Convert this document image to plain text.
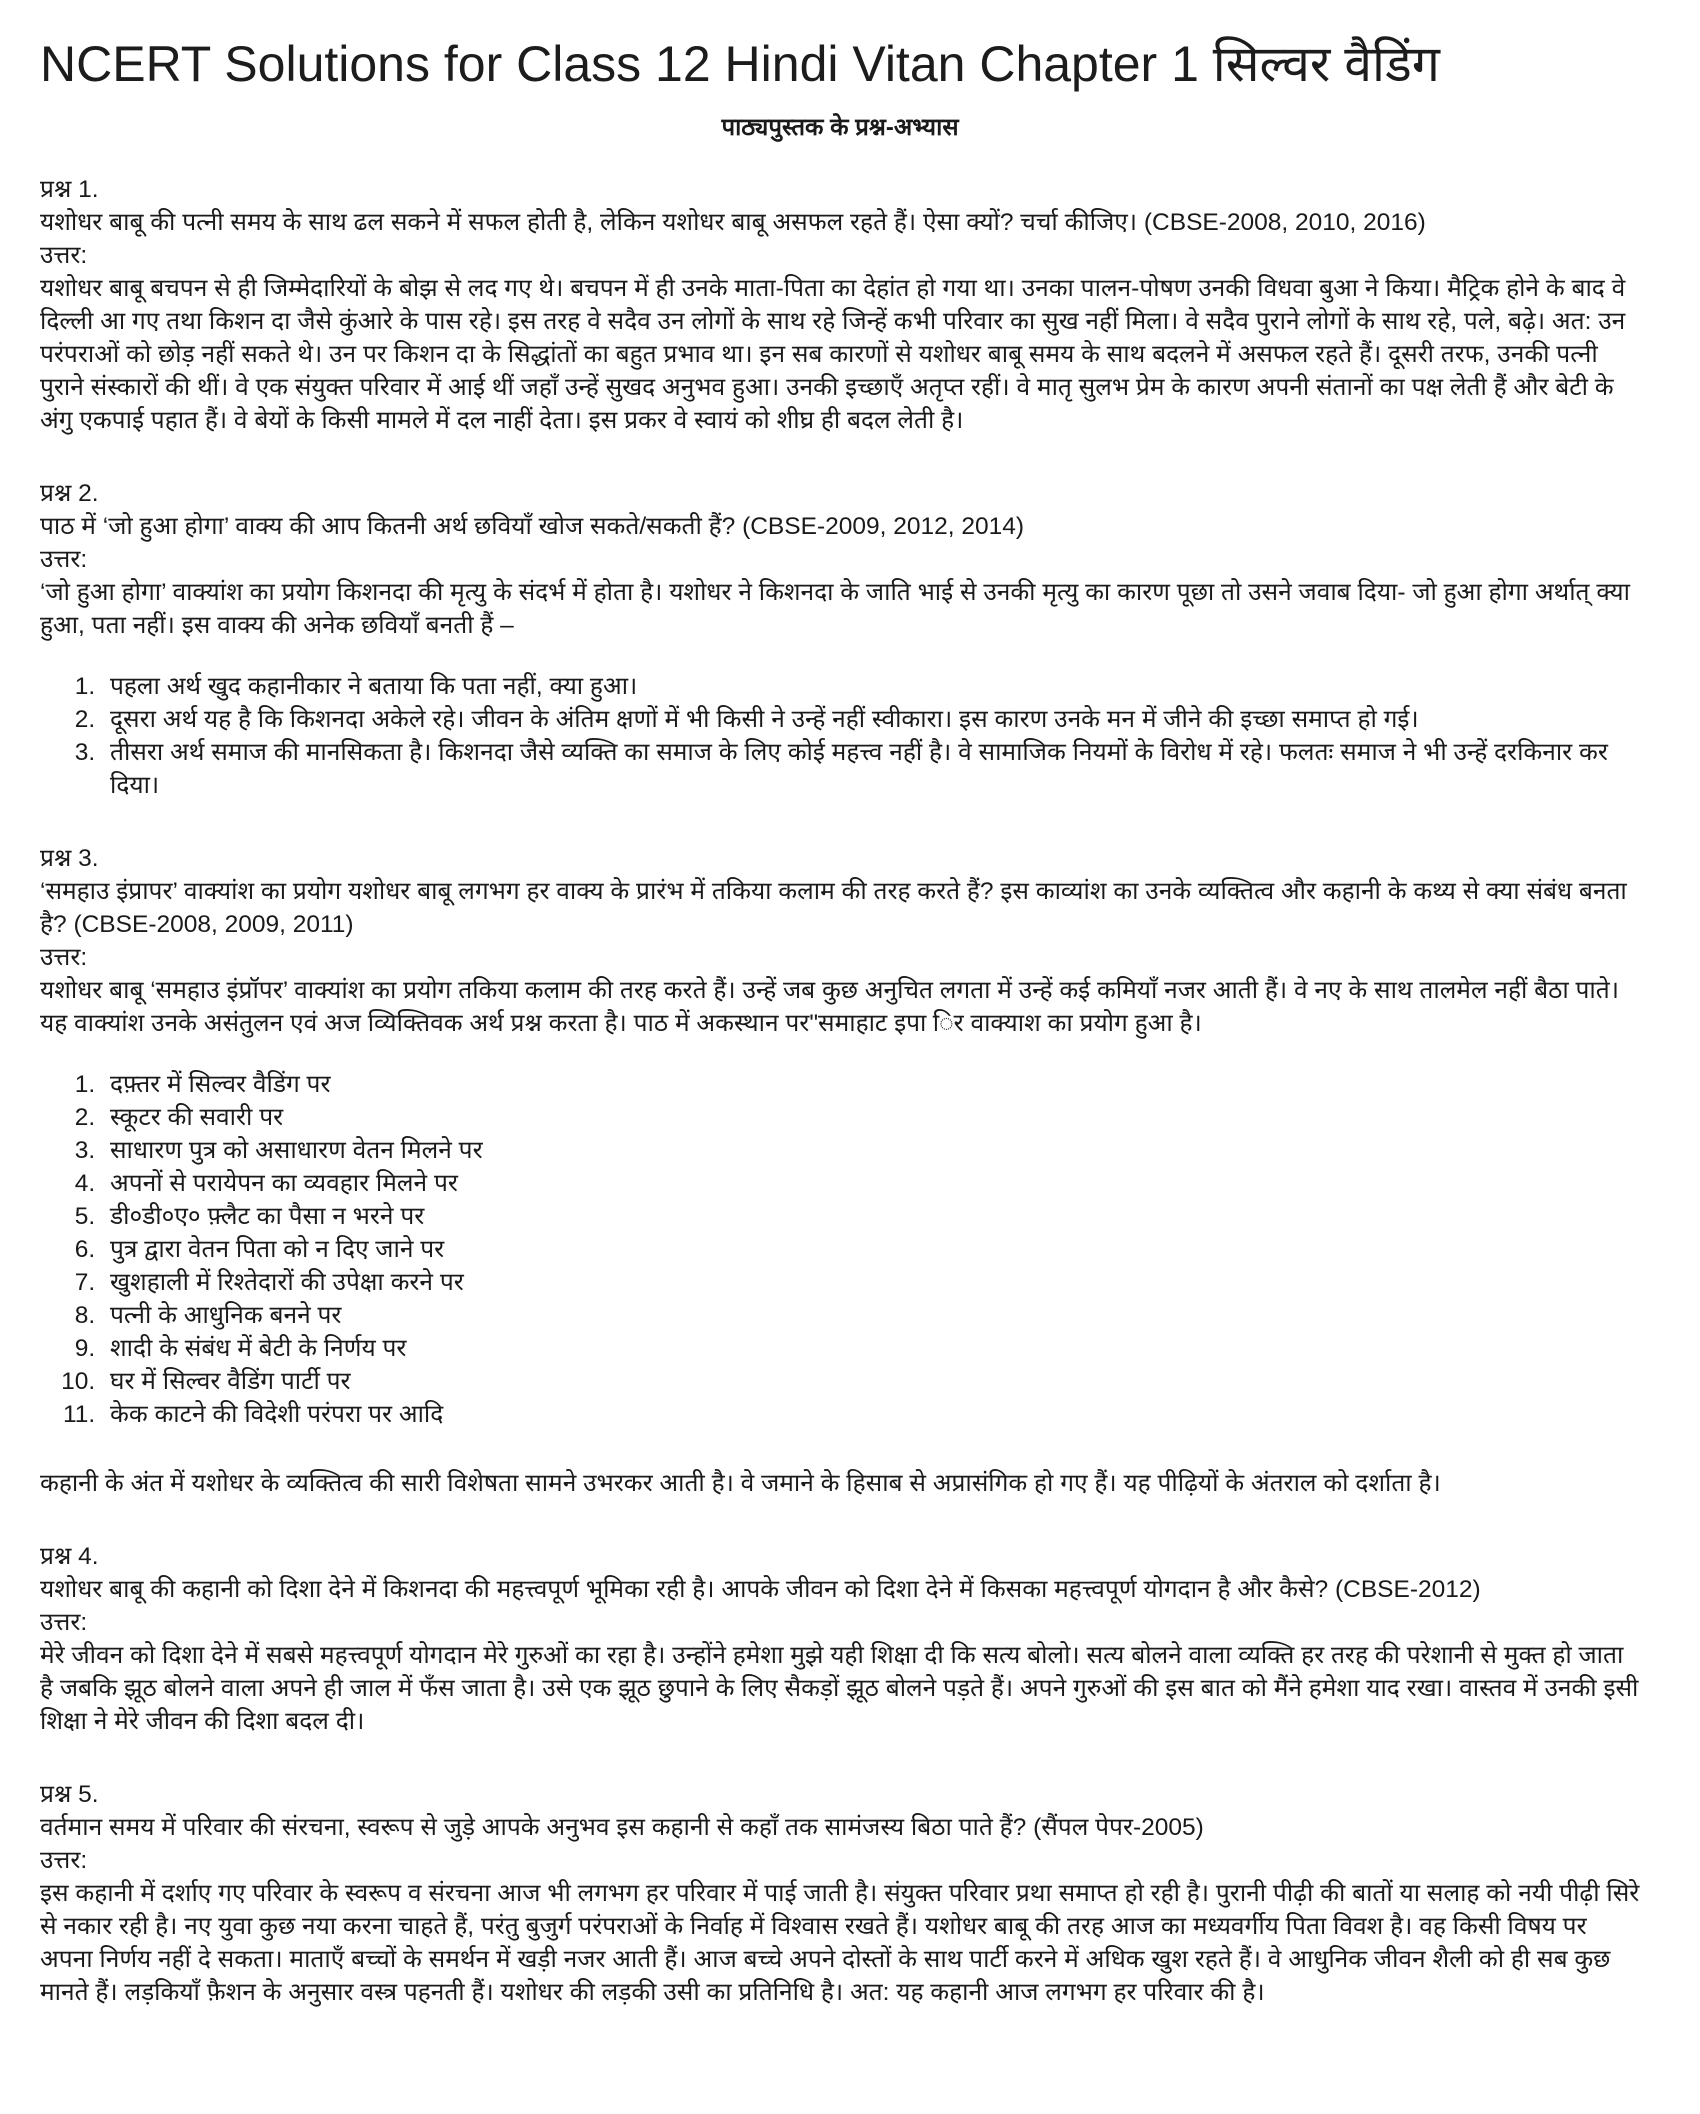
NCERT Solutions for Class 12 Hindi Vitan Chapter 1 सिल्वर वैडिंग
पाठ्यपुस्तक के प्रश्न-अभ्यास

प्रश्न 1.

यशोधर बाबू की पत्नी समय के साथ ढल सकने में सफल होती है, लेकिन यशोधर बाबू असफल रहते हैं। ऐसा क्यों? चर्चा कीजिए। (CBSE-2008, 2010, 2016)

उत्तर:

यशोधर बाबू बचपन से ही जिम्मेदारियों के बोझ से लद गए थे। बचपन में ही उनके माता-पिता का देहांत हो गया था। उनका पालन-पोषण उनकी विधवा बुआ ने किया। मैट्रिक होने के बाद वे दिल्ली आ गए तथा किशन दा जैसे कुंआरे के पास रहे। इस तरह वे सदैव उन लोगों के साथ रहे जिन्हें कभी परिवार का सुख नहीं मिला। वे सदैव पुराने लोगों के साथ रहे, पले, बढ़े। अत: उन परंपराओं को छोड़ नहीं सकते थे। उन पर किशन दा के सिद्धांतों का बहुत प्रभाव था। इन सब कारणों से यशोधर बाबू समय के साथ बदलने में असफल रहते हैं। दूसरी तरफ, उनकी पत्नी पुराने संस्कारों की थीं। वे एक संयुक्त परिवार में आई थीं जहाँ उन्हें सुखद अनुभव हुआ। उनकी इच्छाएँ अतृप्त रहीं। वे मातृ सुलभ प्रेम के कारण अपनी संतानों का पक्ष लेती हैं और बेटी के अंगु एकपाई पहात हैं। वे बेयों के किसी मामले में दल नाहीं देता। इस प्रकर वे स्वायं को शीघ्र ही बदल लेती है।

प्रश्न 2.

पाठ में ‘जो हुआ होगा’ वाक्य की आप कितनी अर्थ छवियाँ खोज सकते/सकती हैं? (CBSE-2009, 2012, 2014)

उत्तर:

‘जो हुआ होगा’ वाक्यांश का प्रयोग किशनदा की मृत्यु के संदर्भ में होता है। यशोधर ने किशनदा के जाति भाई से उनकी मृत्यु का कारण पूछा तो उसने जवाब दिया- जो हुआ होगा अर्थात् क्या हुआ, पता नहीं। इस वाक्य की अनेक छवियाँ बनती हैं –

1. पहला अर्थ खुद कहानीकार ने बताया कि पता नहीं, क्या हुआ।
2. दूसरा अर्थ यह है कि किशनदा अकेले रहे। जीवन के अंतिम क्षणों में भी किसी ने उन्हें नहीं स्वीकारा। इस कारण उनके मन में जीने की इच्छा समाप्त हो गई।
3. तीसरा अर्थ समाज की मानसिकता है। किशनदा जैसे व्यक्ति का समाज के लिए कोई महत्त्व नहीं है। वे सामाजिक नियमों के विरोध में रहे। फलतः समाज ने भी उन्हें दरकिनार कर दिया।

प्रश्न 3.

‘समहाउ इंप्रापर’ वाक्यांश का प्रयोग यशोधर बाबू लगभग हर वाक्य के प्रारंभ में तकिया कलाम की तरह करते हैं? इस काव्यांश का उनके व्यक्तित्व और कहानी के कथ्य से क्या संबंध बनता है? (CBSE-2008, 2009, 2011)

उत्तर:

यशोधर बाबू ‘समहाउ इंप्रॉपर’ वाक्यांश का प्रयोग तकिया कलाम की तरह करते हैं। उन्हें जब कुछ अनुचित लगता में उन्हें कई कमियाँ नजर आती हैं। वे नए के साथ तालमेल नहीं बैठा पाते। यह वाक्यांश उनके असंतुलन एवं अज व्यिक्तिवक अर्थ प्रश्न करता है। पाठ में अकस्थान पर"समाहाट इपा िर वाक्याश का प्रयोग हुआ है।

1. दफ़्तर में सिल्वर वैडिंग पर
2. स्कूटर की सवारी पर
3. साधारण पुत्र को असाधारण वेतन मिलने पर
4. अपनों से परायेपन का व्यवहार मिलने पर
5. डी०डी०ए० फ़्लैट का पैसा न भरने पर
6. पुत्र द्वारा वेतन पिता को न दिए जाने पर
7. खुशहाली में रिश्तेदारों की उपेक्षा करने पर
8. पत्नी के आधुनिक बनने पर
9. शादी के संबंध में बेटी के निर्णय पर
10. घर में सिल्वर वैडिंग पार्टी पर
11. केक काटने की विदेशी परंपरा पर आदि

कहानी के अंत में यशोधर के व्यक्तित्व की सारी विशेषता सामने उभरकर आती है। वे जमाने के हिसाब से अप्रासंगिक हो गए हैं। यह पीढ़ियों के अंतराल को दर्शाता है।

प्रश्न 4.

यशोधर बाबू की कहानी को दिशा देने में किशनदा की महत्त्वपूर्ण भूमिका रही है। आपके जीवन को दिशा देने में किसका महत्त्वपूर्ण योगदान है और कैसे? (CBSE-2012)

उत्तर:

मेरे जीवन को दिशा देने में सबसे महत्त्वपूर्ण योगदान मेरे गुरुओं का रहा है। उन्होंने हमेशा मुझे यही शिक्षा दी कि सत्य बोलो। सत्य बोलने वाला व्यक्ति हर तरह की परेशानी से मुक्त हो जाता है जबकि झूठ बोलने वाला अपने ही जाल में फँस जाता है। उसे एक झूठ छुपाने के लिए सैकड़ों झूठ बोलने पड़ते हैं। अपने गुरुओं की इस बात को मैंने हमेशा याद रखा। वास्तव में उनकी इसी शिक्षा ने मेरे जीवन की दिशा बदल दी।

प्रश्न 5.

वर्तमान समय में परिवार की संरचना, स्वरूप से जुड़े आपके अनुभव इस कहानी से कहाँ तक सामंजस्य बिठा पाते हैं? (सैंपल पेपर-2005)

उत्तर:

इस कहानी में दर्शाए गए परिवार के स्वरूप व संरचना आज भी लगभग हर परिवार में पाई जाती है। संयुक्त परिवार प्रथा समाप्त हो रही है। पुरानी पीढ़ी की बातों या सलाह को नयी पीढ़ी सिरे से नकार रही है। नए युवा कुछ नया करना चाहते हैं, परंतु बुजुर्ग परंपराओं के निर्वाह में विश्वास रखते हैं। यशोधर बाबू की तरह आज का मध्यवर्गीय पिता विवश है। वह किसी विषय पर अपना निर्णय नहीं दे सकता। माताएँ बच्चों के समर्थन में खड़ी नजर आती हैं। आज बच्चे अपने दोस्तों के साथ पार्टी करने में अधिक खुश रहते हैं। वे आधुनिक जीवन शैली को ही सब कुछ मानते हैं। लड़कियाँ फ़ैशन के अनुसार वस्त्र पहनती हैं। यशोधर की लड़की उसी का प्रतिनिधि है। अत: यह कहानी आज लगभग हर परिवार की है।
